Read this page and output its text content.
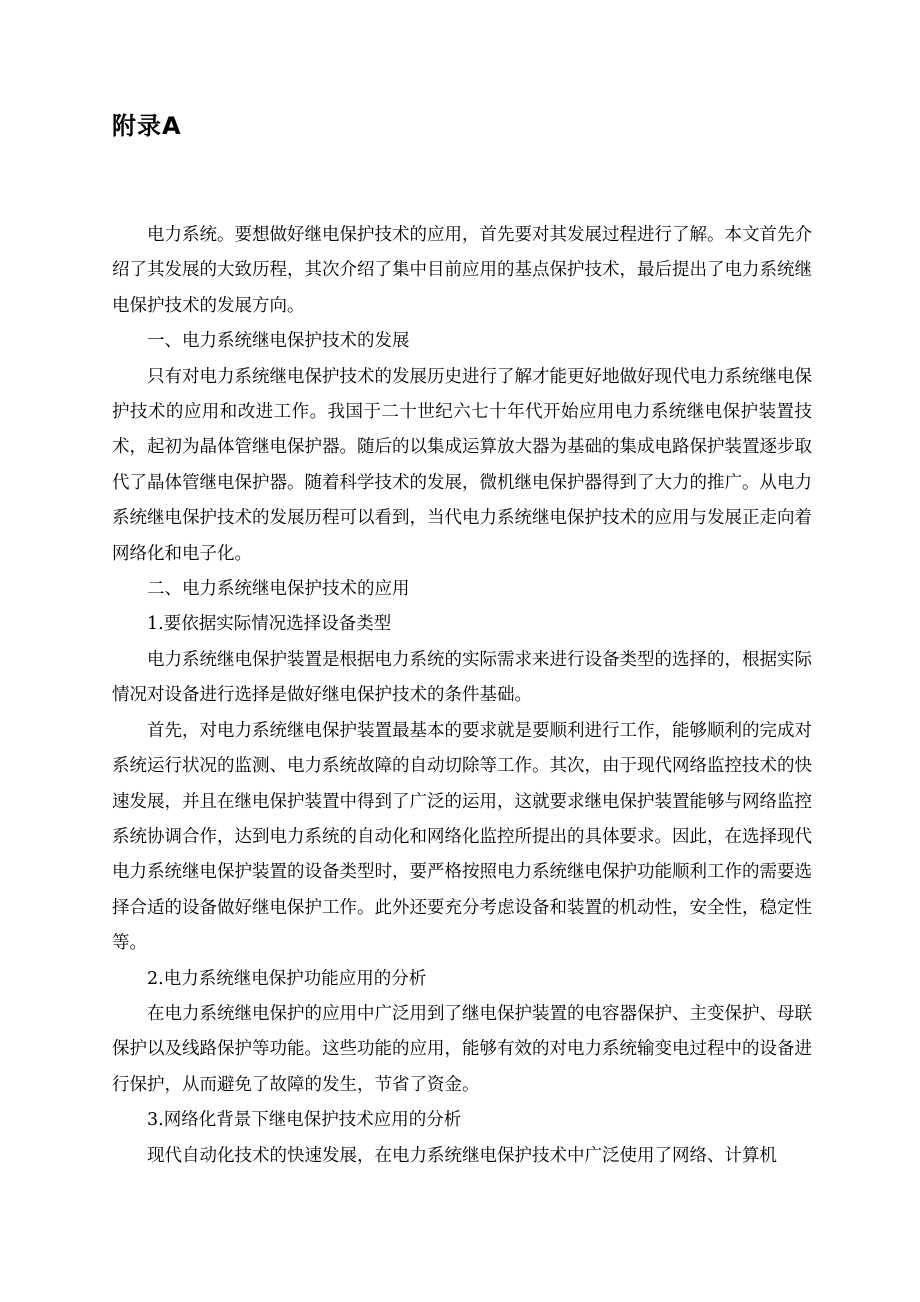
附录A

电力系统。要想做好继电保护技术的应用，首先要对其发展过程进行了解。本文首先介绍了其发展的大致历程，其次介绍了集中目前应用的基点保护技术，最后提出了电力系统继电保护技术的发展方向。

一、电力系统继电保护技术的发展

只有对电力系统继电保护技术的发展历史进行了解才能更好地做好现代电力系统继电保护技术的应用和改进工作。我国于二十世纪六七十年代开始应用电力系统继电保护装置技术，起初为晶体管继电保护器。随后的以集成运算放大器为基础的集成电路保护装置逐步取代了晶体管继电保护器。随着科学技术的发展，微机继电保护器得到了大力的推广。从电力系统继电保护技术的发展历程可以看到，当代电力系统继电保护技术的应用与发展正走向着网络化和电子化。

二、电力系统继电保护技术的应用

1.要依据实际情况选择设备类型

电力系统继电保护装置是根据电力系统的实际需求来进行设备类型的选择的，根据实际情况对设备进行选择是做好继电保护技术的条件基础。

首先，对电力系统继电保护装置最基本的要求就是要顺利进行工作，能够顺利的完成对系统运行状况的监测、电力系统故障的自动切除等工作。其次，由于现代网络监控技术的快速发展，并且在继电保护装置中得到了广泛的运用，这就要求继电保护装置能够与网络监控系统协调合作，达到电力系统的自动化和网络化监控所提出的具体要求。因此，在选择现代电力系统继电保护装置的设备类型时，要严格按照电力系统继电保护功能顺利工作的需要选择合适的设备做好继电保护工作。此外还要充分考虑设备和装置的机动性，安全性，稳定性等。

2.电力系统继电保护功能应用的分析

在电力系统继电保护的应用中广泛用到了继电保护装置的电容器保护、主变保护、母联保护以及线路保护等功能。这些功能的应用，能够有效的对电力系统输变电过程中的设备进行保护，从而避免了故障的发生，节省了资金。

3.网络化背景下继电保护技术应用的分析

现代自动化技术的快速发展，在电力系统继电保护技术中广泛使用了网络、计算机
